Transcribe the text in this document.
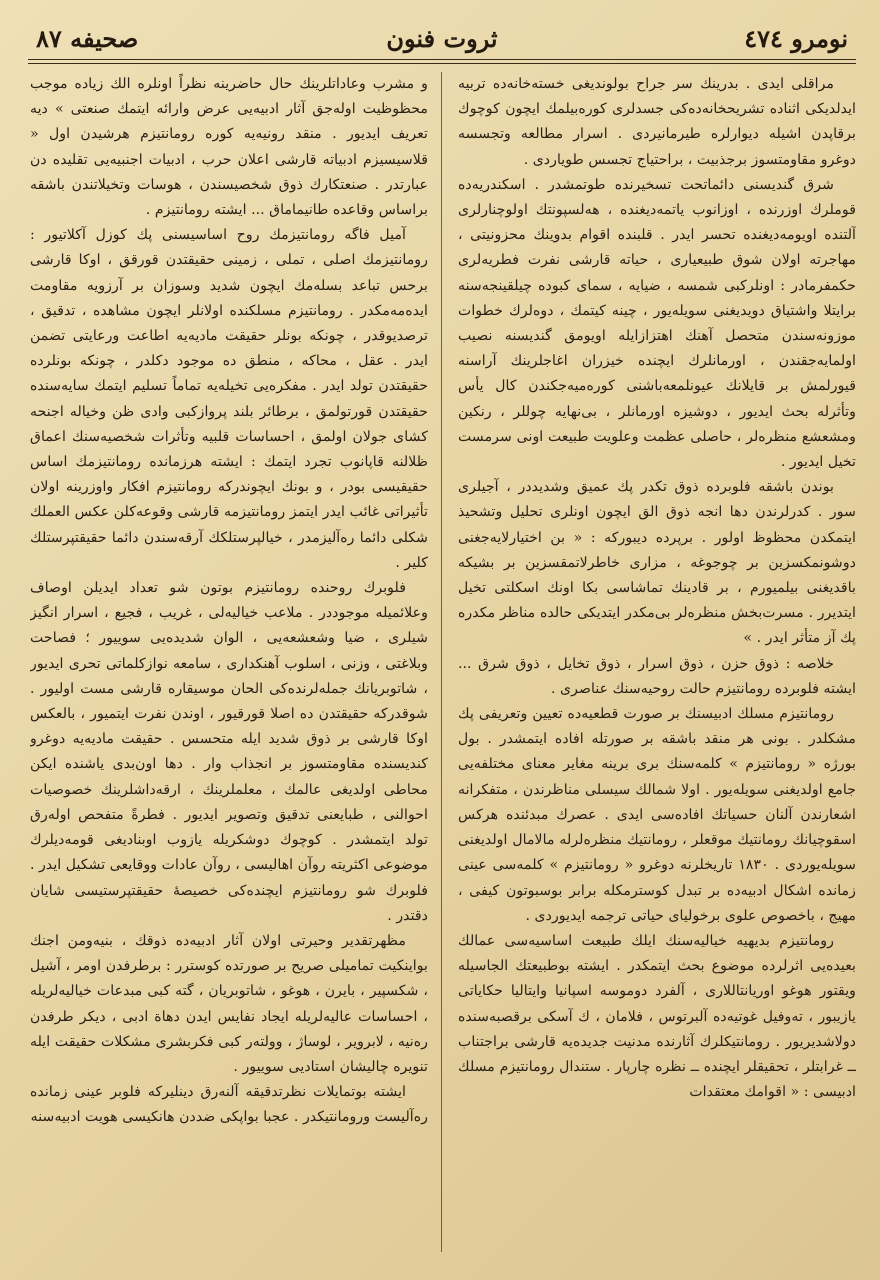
نومرو ٤٧٤
ثروت فنون
صحيفه ٨٧

مراقلی ایدی . بدرینك سر جراح بولوندیغی خسته‌خانه‌ده تربیه ایدلدیکی اثناده تشریحخانه‌ده‌کی جسدلری کوره‌بیلمك ایچون کوچوك برقاپدن اشیله دیوارلره طیرمانیردی . اسرار مطالعه وتجسسه دوغرو مقاومتسوز برجذبیت ، براحتیاج تجسس طویاردی .

شرق گندیسنی دائماتحت تسخیرنده طوتمشدر . اسکندریه‌ده قوملرك اوزرنده ، اوزانوب یاتمه‌دیغنده ، هەلسپونتك اولوچنارلری آلتنده اویومه‌دیغنده تحسر ایدر . قلبنده اقوام بدوینك محزونیتی ، مهاجرته اولان شوق طبیعیاری ، حیاته قارشی نفرت فطریه‌لری حکمفرمادر : اونلرکبی شمسه ، ضیایه ، سمای کبوده چیلقینجه‌سنه برایتلا واشتیاق دویدیغنی سویله‌یور ، چینه کیتمك ، دوه‌لرك خطوات موزونه‌سندن متحصل آهنك اهتزازایله اویومق گندیسنه نصیب اولمایه‌جقندن ، اورمانلرك ایچنده خیزران اغاجلرینك آراسنه قیورلمش بر قایلانك عیونلمعه‌باشنی کوره‌میه‌جکندن کال یأس وتأثرله بحث ایدیور ، دوشیزه اورمانلر ، بی‌نهایه چوللر ، رنکین ومشعشع منظره‌لر ، حاصلی عظمت وعلویت طبیعت اونی سرمست تخیل ایدیور .

بوندن باشقه فلوبرده ذوق تکدر پك عمیق وشدیددر ، آجیلری سور . کدرلرندن دها انجه ذوق الق ایچون اونلری تحلیل وتشحیذ ایتمکدن محظوظ اولور . برپرده دیبورکه : « بن اختیارلایه‌جغنی دوشونمکسزین بر چوجوغه ، مزاری خاطرلاتمقسزین بر بشیکه باقدیغنی بیلمیورم ، بر قادینك تماشاسی بکا اونك اسکلتی تخیل ایتدیرر . مسرت‌بخش منظره‌لر بی‌مکدر ایتدیکی حالده مناظر مکدره پك آز متأثر ایدر . »

خلاصه : ذوق حزن ، ذوق اسرار ، ذوق تخایل ، ذوق شرق ... ایشته فلوبرده رومانتیزم حالت روحیه‌سنك عناصری .

رومانتیزم مسلك ادبیسنك بر صورت قطعیه‌ده تعیین وتعریفی پك مشکلدر . بونی هر منقد باشقه بر صورتله افاده ایتمشدر . بول بورژه « رومانتیزم » کلمه‌سنك بری برینه مغایر معنای مختلفه‌یی جامع اولدیغنی سویله‌یور . اولا شمالك سیسلی مناظرندن ، متفکرانه اشعارندن آلنان حسیاتك افاده‌سی ایدی . عصرك مبدئنده هرکس اسقوچیانك رومانتیك موقعلر ، رومانتیك منظره‌لرله مالامال اولدیغنی سویله‌یوردی . ١٨٣٠ تاریخلرنه دوغرو « رومانتیزم » کلمه‌سی عینی زمانده اشکال ادبیه‌ده بر تبدل کوسترمکله برابر بوسبوتون کیفی ، مهیج ، باخصوص علوی برخولیای حیاتی ترجمه ایدیوردی .

رومانتیزم بدیهیه خیالیه‌سنك ایلك طبیعت اساسیه‌سی عمالك بعیده‌یی اثرلرده موضوع بحث ایتمکدر . ایشته بوطبیعتك الجاسیله ویقتور هوغو اوریانتاللاری ، آلفرد دوموسه اسپانیا وایتالیا حکایاتی یازیبور ، تەوفیل غوتیه‌ده آلبرتوس ، فلامان ، ك آسکی برقصبه‌سنده دولاشدیریور . رومانتیکلرك آثارنده مدنیت جدیده‌یه قارشی براجتناب ــ غرابتلر ، تحقیقلر ایچنده ــ نظره چارپار . ستندال رومانتیزم مسلك ادبیسی : « اقوامك معتقدات

و مشرب وعاداتلرینك حال حاضرینه نظراً اونلره الك زیاده موجب محظوظیت اوله‌جق آثار ادبیه‌یی عرض وارائه ایتمك صنعتی » دیه تعریف ایدیور . منقد رونیه‌یه کوره رومانتیزم هرشیدن اول « قلاسیسیزم ادبیاته قارشی اعلان حرب ، ادبیات اجنبیه‌یی تقلیده دن عبارتدر . صنعتکارك ذوق شخصیسندن ، هوسات وتخیلاتندن باشقه براساس وقاعده طانیماماق ... ایشته رومانتیزم .

آمیل فاگه رومانتیزمك روح اساسیسنی پك کوزل آکلاتیور : رومانتیزمك اصلی ، تملی ، زمینی حقیقتدن قورقق ، اوکا قارشی برحس تباعد بسلەمك ایچون شدید وسوزان بر آرزویه مقاومت ایده‌مەمکدر . رومانتیزم مسلکنده اولانلر ایچون مشاهده ، تدقیق ، ترصدیوقدر ، چونکه بونلر حقیقت مادیه‌یه اطاعت ورعایتی تضمن ایدر . عقل ، محاکه ، منطق ده موجود دکلدر ، چونکه بونلرده حقیقتدن تولد ایدر . مفکره‌یی تخیله‌یه تماماً تسلیم ایتمك سایه‌سنده حقیقتدن قورتولمق ، برطائر بلند پروازکبی وادی ظن وخیاله اجنحه کشای جولان اولمق ، احساسات قلبیه وتأثرات شخصیه‌سنك اعماق ظلالنه قاپانوب تجرد ایتمك : ایشته هرزمانده رومانتیزمك اساس حقیقیسی بودر ، و بونك ایچوندرکه رومانتیزم افکار واوزرینه اولان تأثیراتی غائب ایدر ایتمز رومانتیزمه قارشی وقوعه‌کلن عکس العملك شکلی دائما رەآلیزمدر ، خیالپرستلکك آرقه‌سندن دائما حقیقتپرستلك کلیر .

فلوبرك روحنده رومانتیزم بوتون شو تعداد ایدیلن اوصاف وعلائمیله موجوددر . ملاعب خیالیه‌لی ، غریب ، فجیع ، اسرار انگیز شیلری ، ضیا وشعشعه‌یی ، الوان شدیده‌یی سوییور ؛ فصاحت وبلاغتی ، وزنی ، اسلوب آهنکداری ، سامعه نوازکلماتی تحری ایدیور ، شاتوبریانك جمله‌لرنده‌کی الحان موسیقاره قارشی مست اولیور . شوقدرکه حقیقتدن ده اصلا قورقیور ، اوندن نفرت ایتمیور ، بالعکس اوکا قارشی بر ذوق شدید ایله متحسس . حقیقت مادیه‌یه دوغرو کندیسنده مقاومتسوز بر انجذاب وار . دها اون‌بدی یاشنده ایکن محاطی اولدیغی عالمك ، معلملرینك ، ارقه‌داشلرینك خصوصیات احوالنی ، طبایعنی تدقیق وتصویر ایدیور . فطرةً متفحص اوله‌رق تولد ایتمشدر . کوچوك دوشکریله یازوب اوبنادیغی قومه‌دیلرك موضوعی اکثریته روآن اهالیسی ، روآن عادات ووقایعی تشکیل ایدر . فلوبرك شو رومانتیزم ایچنده‌کی خصیصهٔ حقیقتپرستیسی شایان دقتدر .

مظهرتقدیر وحیرتی اولان آثار ادبیه‌ده ذوقك ، بنیه‌ومن اجنك بواینکیت تمامیلی صریح بر صورتده کوسترر : برطرفدن اومر ، آشیل ، شکسپیر ، بایرن ، هوغو ، شاتوبریان ، گته کبی مبدعات خیالیه‌لریله ، احساسات عالیه‌لریله ایجاد نفایس ایدن دهاة ادبی ، دیکر طرفدن رەنیه ، لابرویر ، لوساژ ، وولته‌ر کبی فکربشری مشکلات حقیقت ایله تنویره چالیشان استادیی سوییور .

ایشته بوتمایلات نظرتدقیقه آلنه‌رق دینلیرکه فلوبر عینی زمانده رەآلیست ورومانتیکدر . عجبا بواپکی ضددن هانکیسی هویت ادبیه‌سنه
